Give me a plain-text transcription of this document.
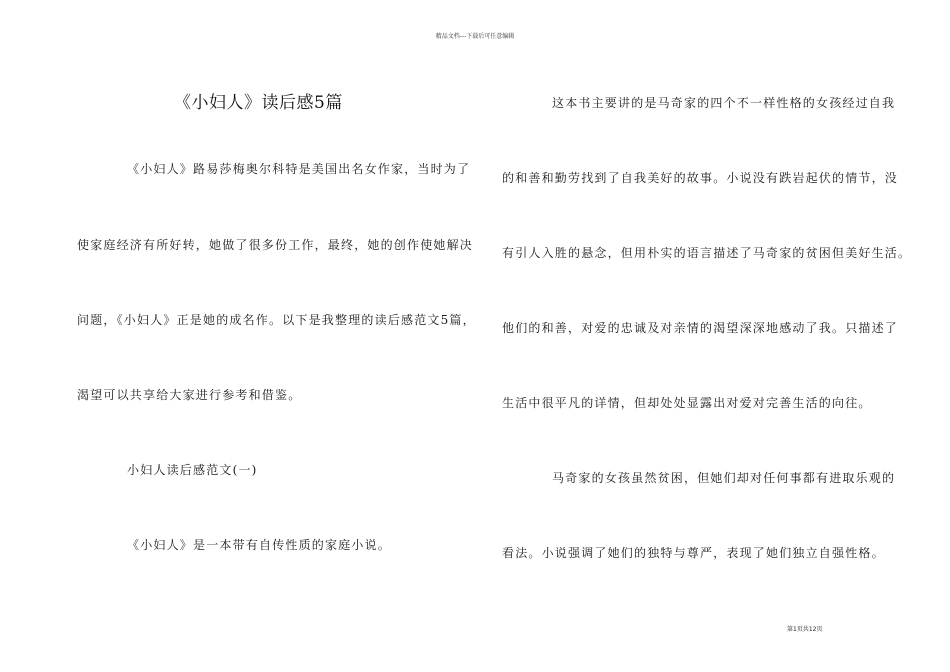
精品文档---下载后可任意编辑
《小妇人》读后感5篇
《小妇人》路易莎梅奥尔科特是美国出名女作家，当时为了
使家庭经济有所好转，她做了很多份工作，最终，她的创作使她解决
问题，《小妇人》正是她的成名作。以下是我整理的读后感范文5篇，
渴望可以共享给大家进行参考和借鉴。
小妇人读后感范文(一)
《小妇人》是一本带有自传性质的家庭小说。
这本书主要讲的是马奇家的四个不一样性格的女孩经过自我
的和善和勤劳找到了自我美好的故事。小说没有跌岩起伏的情节，没
有引人入胜的悬念，但用朴实的语言描述了马奇家的贫困但美好生活。
他们的和善，对爱的忠诚及对亲情的渴望深深地感动了我。只描述了
生活中很平凡的详情，但却处处显露出对爱对完善生活的向往。
马奇家的女孩虽然贫困，但她们却对任何事都有进取乐观的
看法。小说强调了她们的独特与尊严，表现了她们独立自强性格。
第1页共12页
